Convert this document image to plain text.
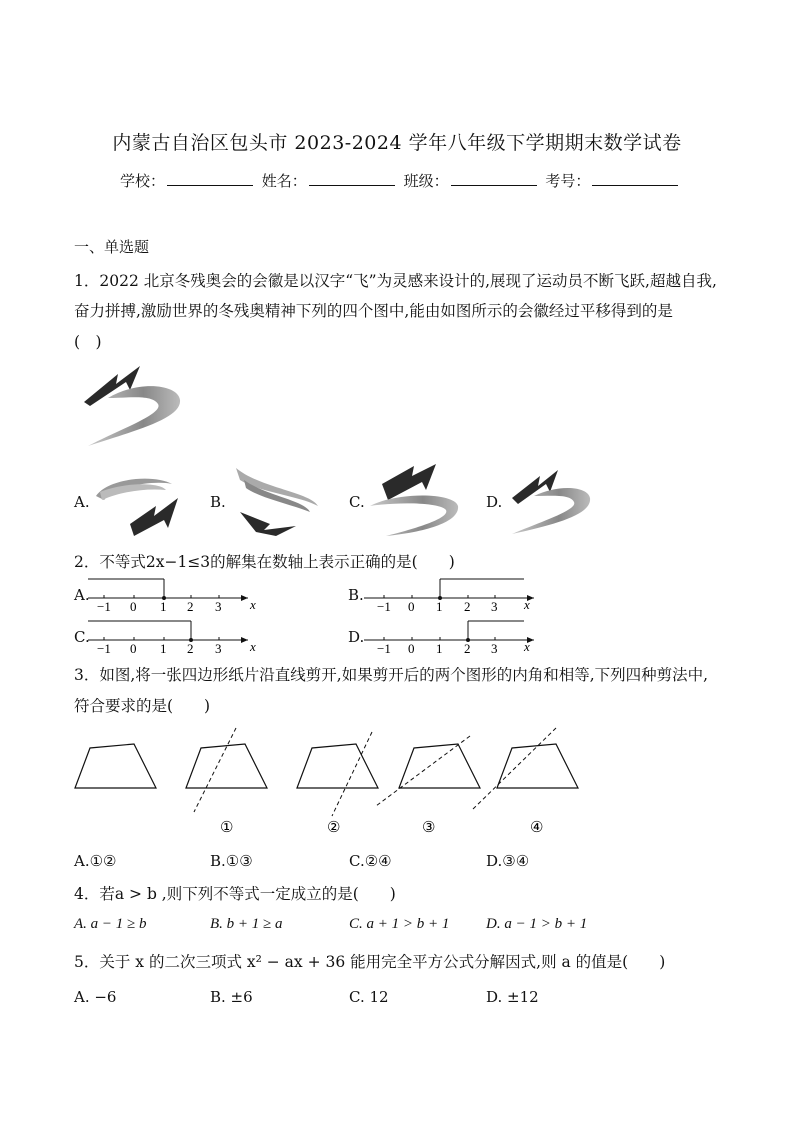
内蒙古自治区包头市 2023-2024 学年八年级下学期期末数学试卷
学校：	姓名：	班级：	考号：
一、单选题
1．2022 北京冬残奥会的会徽是以汉字“飞”为灵感来设计的,展现了运动员不断飞跃,超越自我,
奋力拼搏,激励世界的冬残奥精神下列的四个图中,能由如图所示的会徽经过平移得到的是
(　)
A.	B.	C.	D.
2．不等式2x−1≤3的解集在数轴上表示正确的是(　　)
A.	B.
C.	D.
−1 0 1 2 3 x	−1 0 1 2 3 x
−1 0 1 2 3 x	−1 0 1 2 3 x
3．如图,将一张四边形纸片沿直线剪开,如果剪开后的两个图形的内角和相等,下列四种剪法中,
符合要求的是(　　)
①	②	③	④
A.①②	B.①③	C.②④	D.③④
4．若a > b ,则下列不等式一定成立的是(　　)
A. a − 1 ≥ b	B. b + 1 ≥ a	C. a + 1 > b + 1 D. a − 1 > b + 1
5．关于 x 的二次三项式 x² − ax + 36 能用完全平方公式分解因式,则 a 的值是(　　)
A. −6	B. ±6	C. 12	D. ±12
